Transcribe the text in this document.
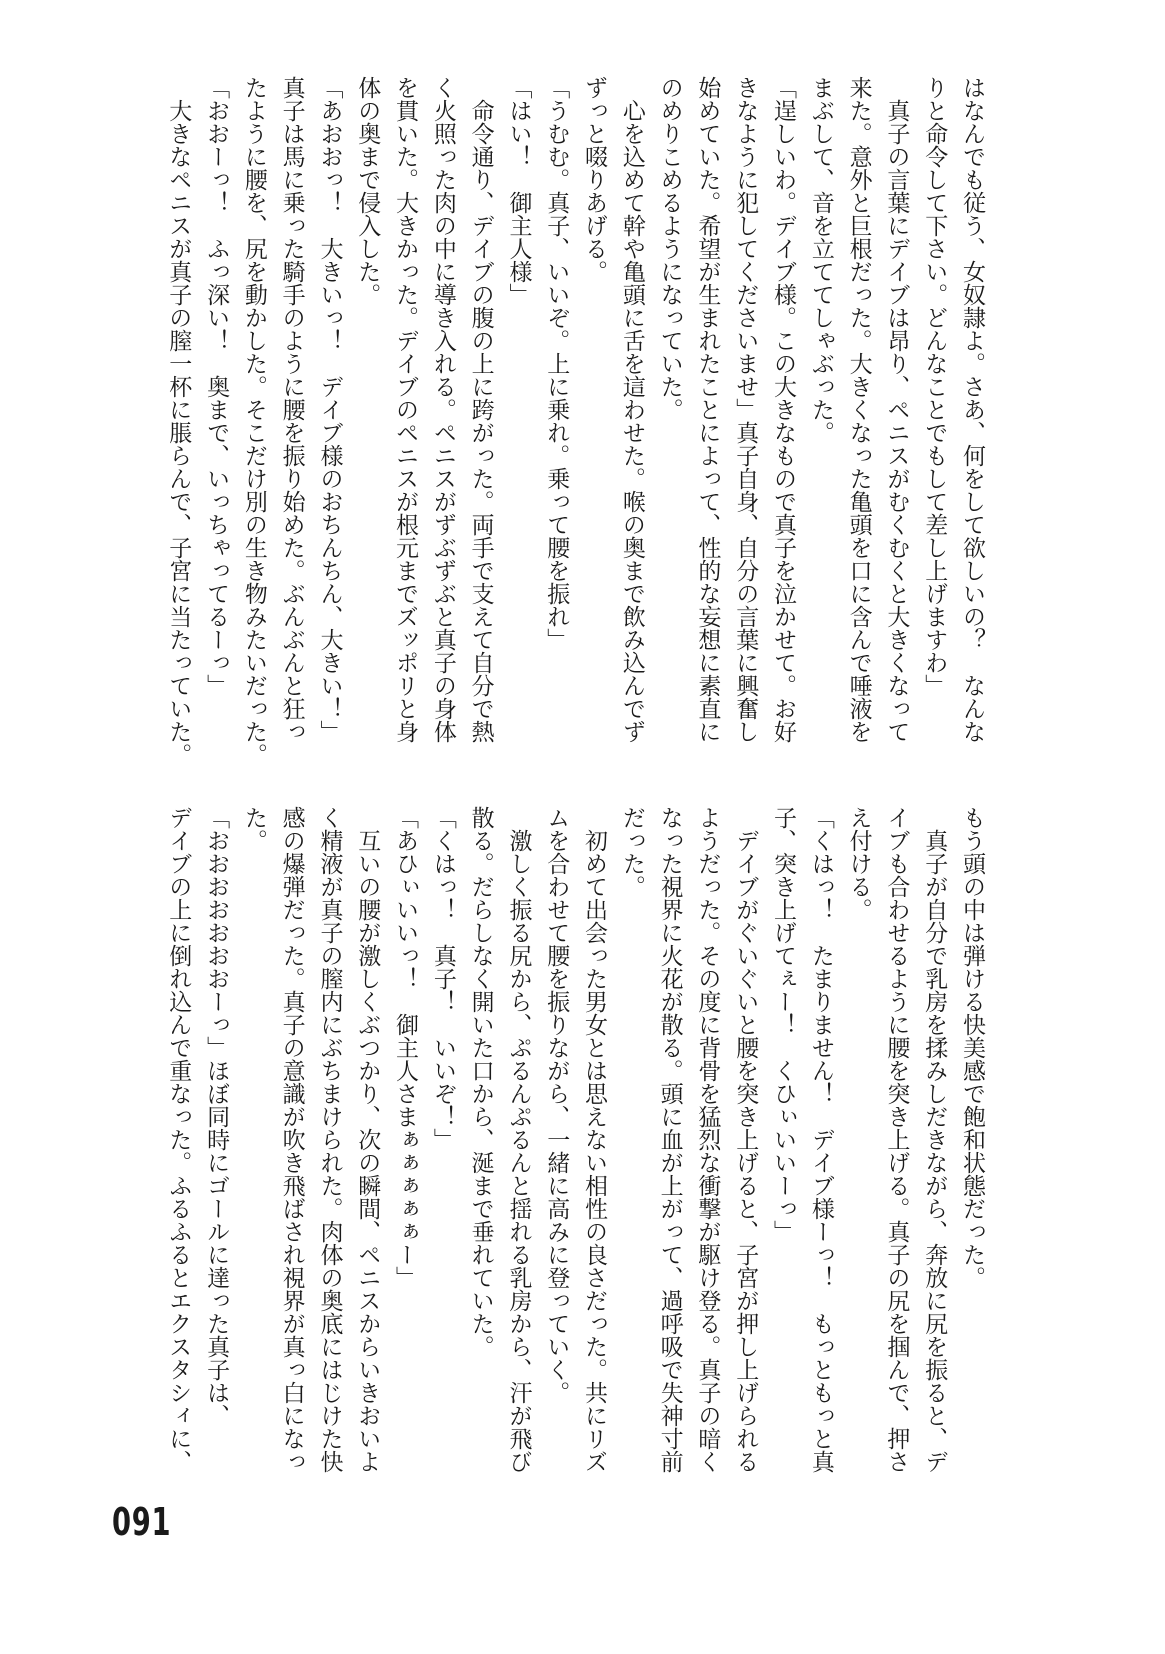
はなんでも従う、女奴隷よ。さあ、何をして欲しいの？　なんな

りと命令して下さい。どんなことでもして差し上げますわ」

　真子の言葉にデイブは昂り、ペニスがむくむくと大きくなって

来た。意外と巨根だった。大きくなった亀頭を口に含んで唾液を

まぶして、音を立ててしゃぶった。

「逞しいわ。デイブ様。この大きなもので真子を泣かせて。お好

きなように犯してくださいませ」真子自身、自分の言葉に興奮し

始めていた。希望が生まれたことによって、性的な妄想に素直に

のめりこめるようになっていた。

　心を込めて幹や亀頭に舌を這わせた。喉の奥まで飲み込んでず

ずっと啜りあげる。

「うむむ。真子、いいぞ。上に乗れ。乗って腰を振れ」

「はい！　御主人様」

　命令通り、デイブの腹の上に跨がった。両手で支えて自分で熱

く火照った肉の中に導き入れる。ペニスがずぶずぶと真子の身体

を貫いた。大きかった。デイブのペニスが根元までズッポリと身

体の奥まで侵入した。

「あおおっ！　大きいっ！　デイブ様のおちんちん、大きい！」

真子は馬に乗った騎手のように腰を振り始めた。ぶんぶんと狂っ

たように腰を、尻を動かした。そこだけ別の生き物みたいだった。

「おおーっ！　ふっ深い！　奥まで、いっちゃってるーっ」

　大きなペニスが真子の膣一杯に脹らんで、子宮に当たっていた。

もう頭の中は弾ける快美感で飽和状態だった。

　真子が自分で乳房を揉みしだきながら、奔放に尻を振ると、デ

イブも合わせるように腰を突き上げる。真子の尻を掴んで、押さ

え付ける。

「くはっ！　たまりません！　デイブ様ーっ！　もっともっと真

子、突き上げてぇー！　くひぃいいーっ」

　デイブがぐいぐいと腰を突き上げると、子宮が押し上げられる

ようだった。その度に背骨を猛烈な衝撃が駆け登る。真子の暗く

なった視界に火花が散る。頭に血が上がって、過呼吸で失神寸前

だった。

　初めて出会った男女とは思えない相性の良さだった。共にリズ

ムを合わせて腰を振りながら、一緒に高みに登っていく。

　激しく振る尻から、ぷるんぷるんと揺れる乳房から、汗が飛び

散る。だらしなく開いた口から、涎まで垂れていた。

「くはっ！　真子！　いいぞ！」

「あひぃいいっ！　御主人さまぁぁぁぁぁー」

　互いの腰が激しくぶつかり、次の瞬間、ペニスからいきおいよ

く精液が真子の膣内にぶちまけられた。肉体の奥底にはじけた快

感の爆弾だった。真子の意識が吹き飛ばされ視界が真っ白になっ

た。

「おおおおおおおーっ」ほぼ同時にゴールに達った真子は、

デイブの上に倒れ込んで重なった。ふるふるとエクスタシィに、

091
